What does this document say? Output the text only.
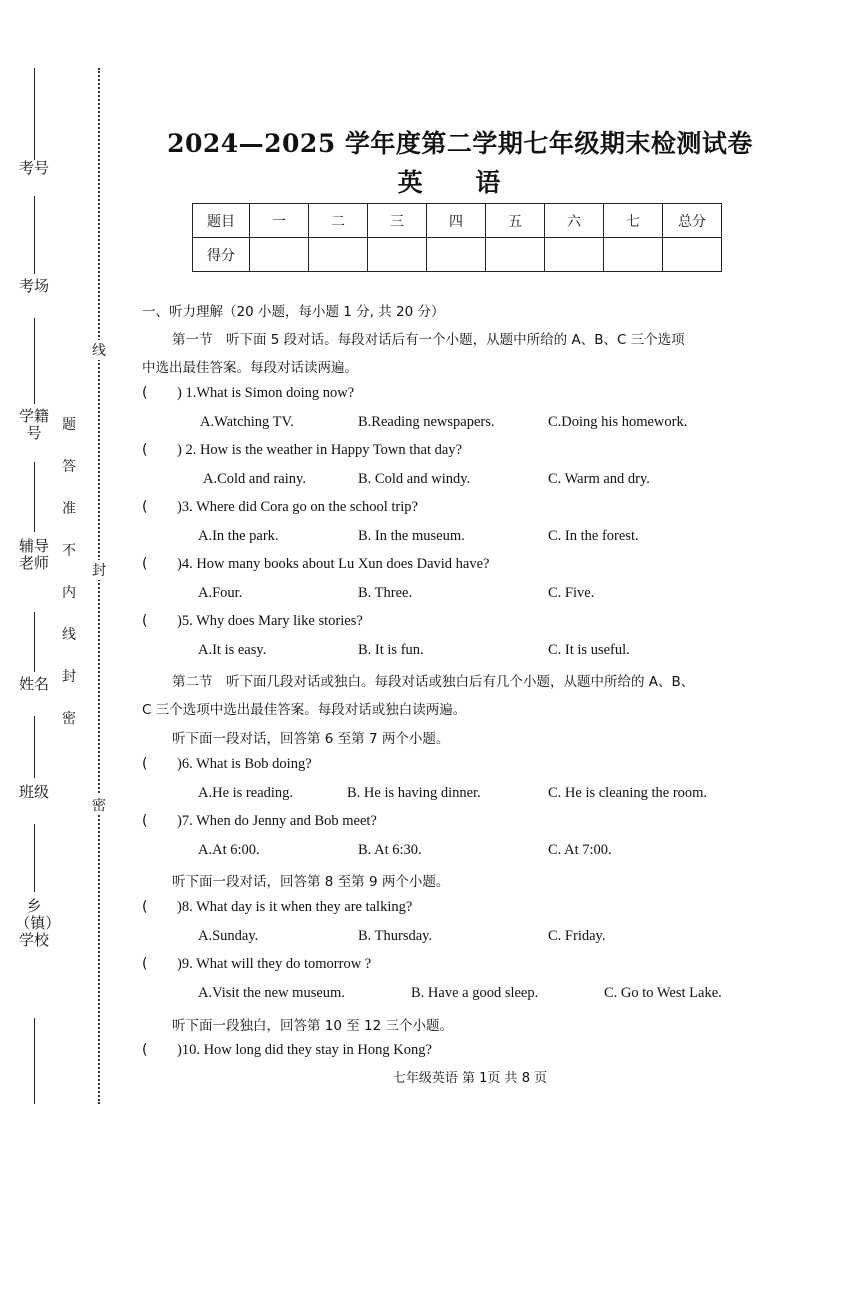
考号
考场
学籍号
辅导老师
姓名
班级
乡（镇）学校
题
答
准
不
内
线
封
密
线
封
密
2024—2025 学年度第二学期七年级期末检测试卷
英 语
题目	一	二	三	四	五	六	七	总分
得分								
一、听力理解（20 小题，每小题 1 分, 共 20 分）
第一节　听下面 5 段对话。每段对话后有一个小题，从题中所给的 A、B、C 三个选项
中选出最佳答案。每段对话读两遍。
( ) 1.What is Simon doing now?
A.Watching TV.	B.Reading newspapers.	C.Doing his homework.
( ) 2. How is the weather in Happy Town that day?
A.Cold and rainy.	B. Cold and windy.	C. Warm and dry.
( )3. Where did Cora go on the school trip?
A.In the park.	B. In the museum.	C. In the forest.
( )4. How many books about Lu Xun does David have?
A.Four.	B. Three.	C. Five.
( )5. Why does Mary like stories?
A.It is easy.	B. It is fun.	C. It is useful.
第二节　听下面几段对话或独白。每段对话或独白后有几个小题，从题中所给的 A、B、
C 三个选项中选出最佳答案。每段对话或独白读两遍。
听下面一段对话，回答第 6 至第 7 两个小题。
( )6. What is Bob doing?
A.He is reading.	B. He is having dinner.	C. He is cleaning the room.
( )7. When do Jenny and Bob meet?
A.At 6:00.	B. At 6:30.	C. At 7:00.
听下面一段对话，回答第 8 至第 9 两个小题。
( )8. What day is it when they are talking?
A.Sunday.	B. Thursday.	C. Friday.
( )9. What will they do tomorrow ?
A.Visit the new museum.	B. Have a good sleep.	C. Go to West Lake.
听下面一段独白，回答第 10 至 12 三个小题。
( )10. How long did they stay in Hong Kong?
七年级英语 第 1页 共 8 页
